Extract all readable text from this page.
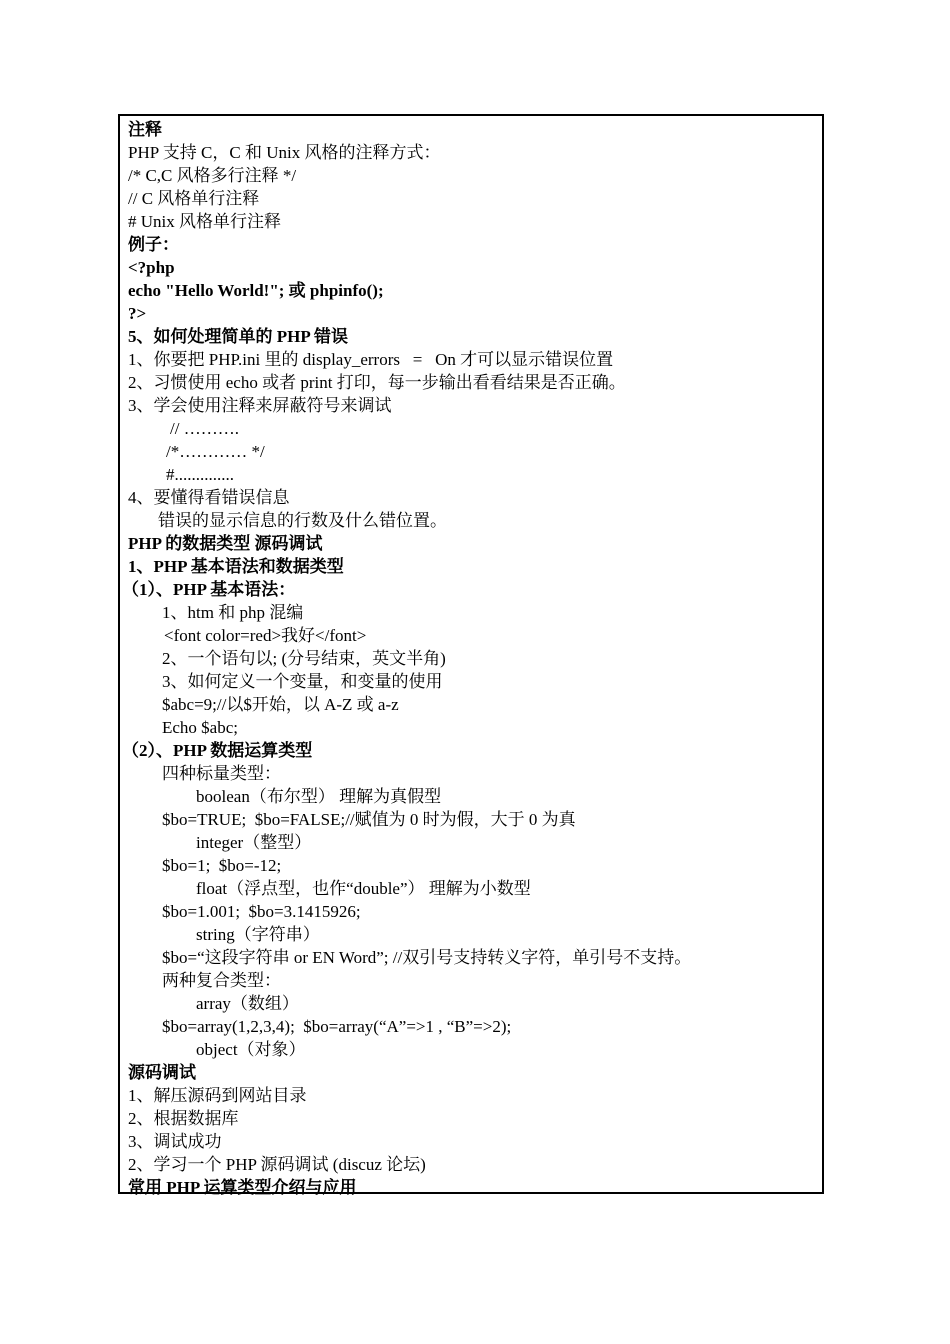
注释
PHP 支持 C，C 和 Unix 风格的注释方式：
/* C,C 风格多行注释 */
// C 风格单行注释
# Unix 风格单行注释
例子：
<?php
echo "Hello World!"; 或 phpinfo();
?>
5、如何处理简单的 PHP 错误
1、你要把 PHP.ini 里的 display_errors   =   On 才可以显示错误位置
2、习惯使用 echo 或者 print 打印，每一步输出看看结果是否正确。
3、学会使用注释来屏蔽符号来调试
// ……….
/*………… */
#..............
4、要懂得看错误信息
错误的显示信息的行数及什么错位置。
PHP 的数据类型 源码调试
1、PHP 基本语法和数据类型
（1）、PHP 基本语法：
1、htm 和 php 混编
<font color=red>我好</font>
2、一个语句以; (分号结束，英文半角)
3、如何定义一个变量，和变量的使用
$abc=9;//以$开始，以 A-Z 或 a-z
Echo $abc;
（2）、PHP 数据运算类型
四种标量类型：
boolean（布尔型） 理解为真假型
$bo=TRUE;  $bo=FALSE;//赋值为 0 时为假，大于 0 为真
integer（整型）
$bo=1;  $bo=-12;
float（浮点型，也作“double”） 理解为小数型
$bo=1.001;  $bo=3.1415926;
string（字符串）
$bo=“这段字符串 or EN Word”; //双引号支持转义字符，单引号不支持。
两种复合类型：
array（数组）
$bo=array(1,2,3,4);  $bo=array(“A”=>1 , “B”=>2);
object（对象）
源码调试
1、解压源码到网站目录
2、根据数据库
3、调试成功
2、学习一个 PHP 源码调试 (discuz 论坛)
常用 PHP 运算类型介绍与应用
